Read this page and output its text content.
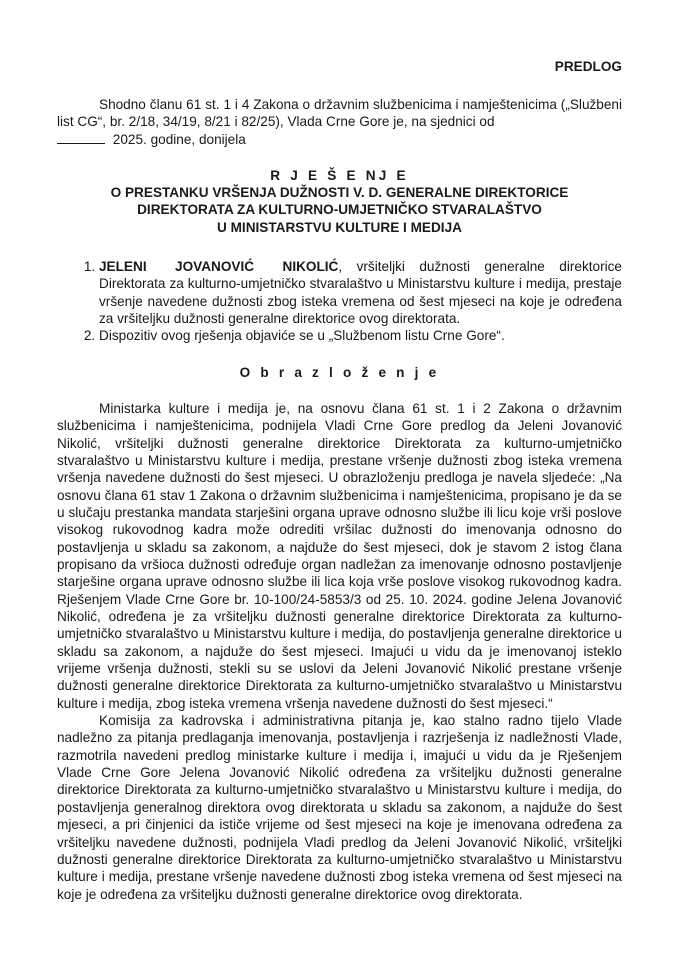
PREDLOG

Shodno članu 61 st. 1 i 4 Zakona o državnim službenicima i namještenicima („Službeni list CG“, br. 2/18, 34/19, 8/21 i 82/25), Vlada Crne Gore je, na sjednici od
2025. godine, donijela

R J E Š E NJ E
O PRESTANKU VRŠENJA DUŽNOSTI V. D. GENERALNE DIREKTORICE
DIREKTORATA ZA KULTURNO-UMJETNIČKO STVARALAŠTVO
U MINISTARSTVU KULTURE I MEDIJA
1. JELENI JOVANOVIĆ NIKOLIĆ, vršiteljki dužnosti generalne direktorice Direktorata za kulturno-umjetničko stvaralaštvo u Ministarstvu kulture i medija, prestaje vršenje navedene dužnosti zbog isteka vremena od šest mjeseci na koje je određena za vršiteljku dužnosti generalne direktorice ovog direktorata.
2. Dispozitiv ovog rješenja objaviće se u „Službenom listu Crne Gore“.
O b r a z l o ž e n j e

Ministarka kulture i medija je, na osnovu člana 61 st. 1 i 2 Zakona o državnim službenicima i namještenicima, podnijela Vladi Crne Gore predlog da Jeleni Jovanović Nikolić, vršiteljki dužnosti generalne direktorice Direktorata za kulturno-umjetničko stvaralaštvo u Ministarstvu kulture i medija, prestane vršenje dužnosti zbog isteka vremena vršenja navedene dužnosti do šest mjeseci. U obrazloženju predloga je navela sljedeće: „Na osnovu člana 61 stav 1 Zakona o državnim službenicima i namještenicima, propisano je da se u slučaju prestanka mandata starješini organa uprave odnosno službe ili licu koje vrši poslove visokog rukovodnog kadra može odrediti vršilac dužnosti do imenovanja odnosno do postavljenja u skladu sa zakonom, a najduže do šest mjeseci, dok je stavom 2 istog člana propisano da vršioca dužnosti određuje organ nadležan za imenovanje odnosno postavljenje starješine organa uprave odnosno službe ili lica koja vrše poslove visokog rukovodnog kadra. Rješenjem Vlade Crne Gore br. 10-100/24-5853/3 od 25. 10. 2024. godine Jelena Jovanović Nikolić, određena je za vršiteljku dužnosti generalne direktorice Direktorata za kulturno-umjetničko stvaralaštvo u Ministarstvu kulture i medija, do postavljenja generalne direktorice u skladu sa zakonom, a najduže do šest mjeseci. Imajući u vidu da je imenovanoj isteklo vrijeme vršenja dužnosti, stekli su se uslovi da Jeleni Jovanović Nikolić prestane vršenje dužnosti generalne direktorice Direktorata za kulturno-umjetničko stvaralaštvo u Ministarstvu kulture i medija, zbog isteka vremena vršenja navedene dužnosti do šest mjeseci.“

Komisija za kadrovska i administrativna pitanja je, kao stalno radno tijelo Vlade nadležno za pitanja predlaganja imenovanja, postavljenja i razrješenja iz nadležnosti Vlade, razmotrila navedeni predlog ministarke kulture i medija i, imajući u vidu da je Rješenjem Vlade Crne Gore Jelena Jovanović Nikolić određena za vršiteljku dužnosti generalne direktorice Direktorata za kulturno-umjetničko stvaralaštvo u Ministarstvu kulture i medija, do postavljenja generalnog direktora ovog direktorata u skladu sa zakonom, a najduže do šest mjeseci, a pri činjenici da ističe vrijeme od šest mjeseci na koje je imenovana određena za vršiteljku navedene dužnosti, podnijela Vladi predlog da Jeleni Jovanović Nikolić, vršiteljki dužnosti generalne direktorice Direktorata za kulturno-umjetničko stvaralaštvo u Ministarstvu kulture i medija, prestane vršenje navedene dužnosti zbog isteka vremena od šest mjeseci na koje je određena za vršiteljku dužnosti generalne direktorice ovog direktorata.
